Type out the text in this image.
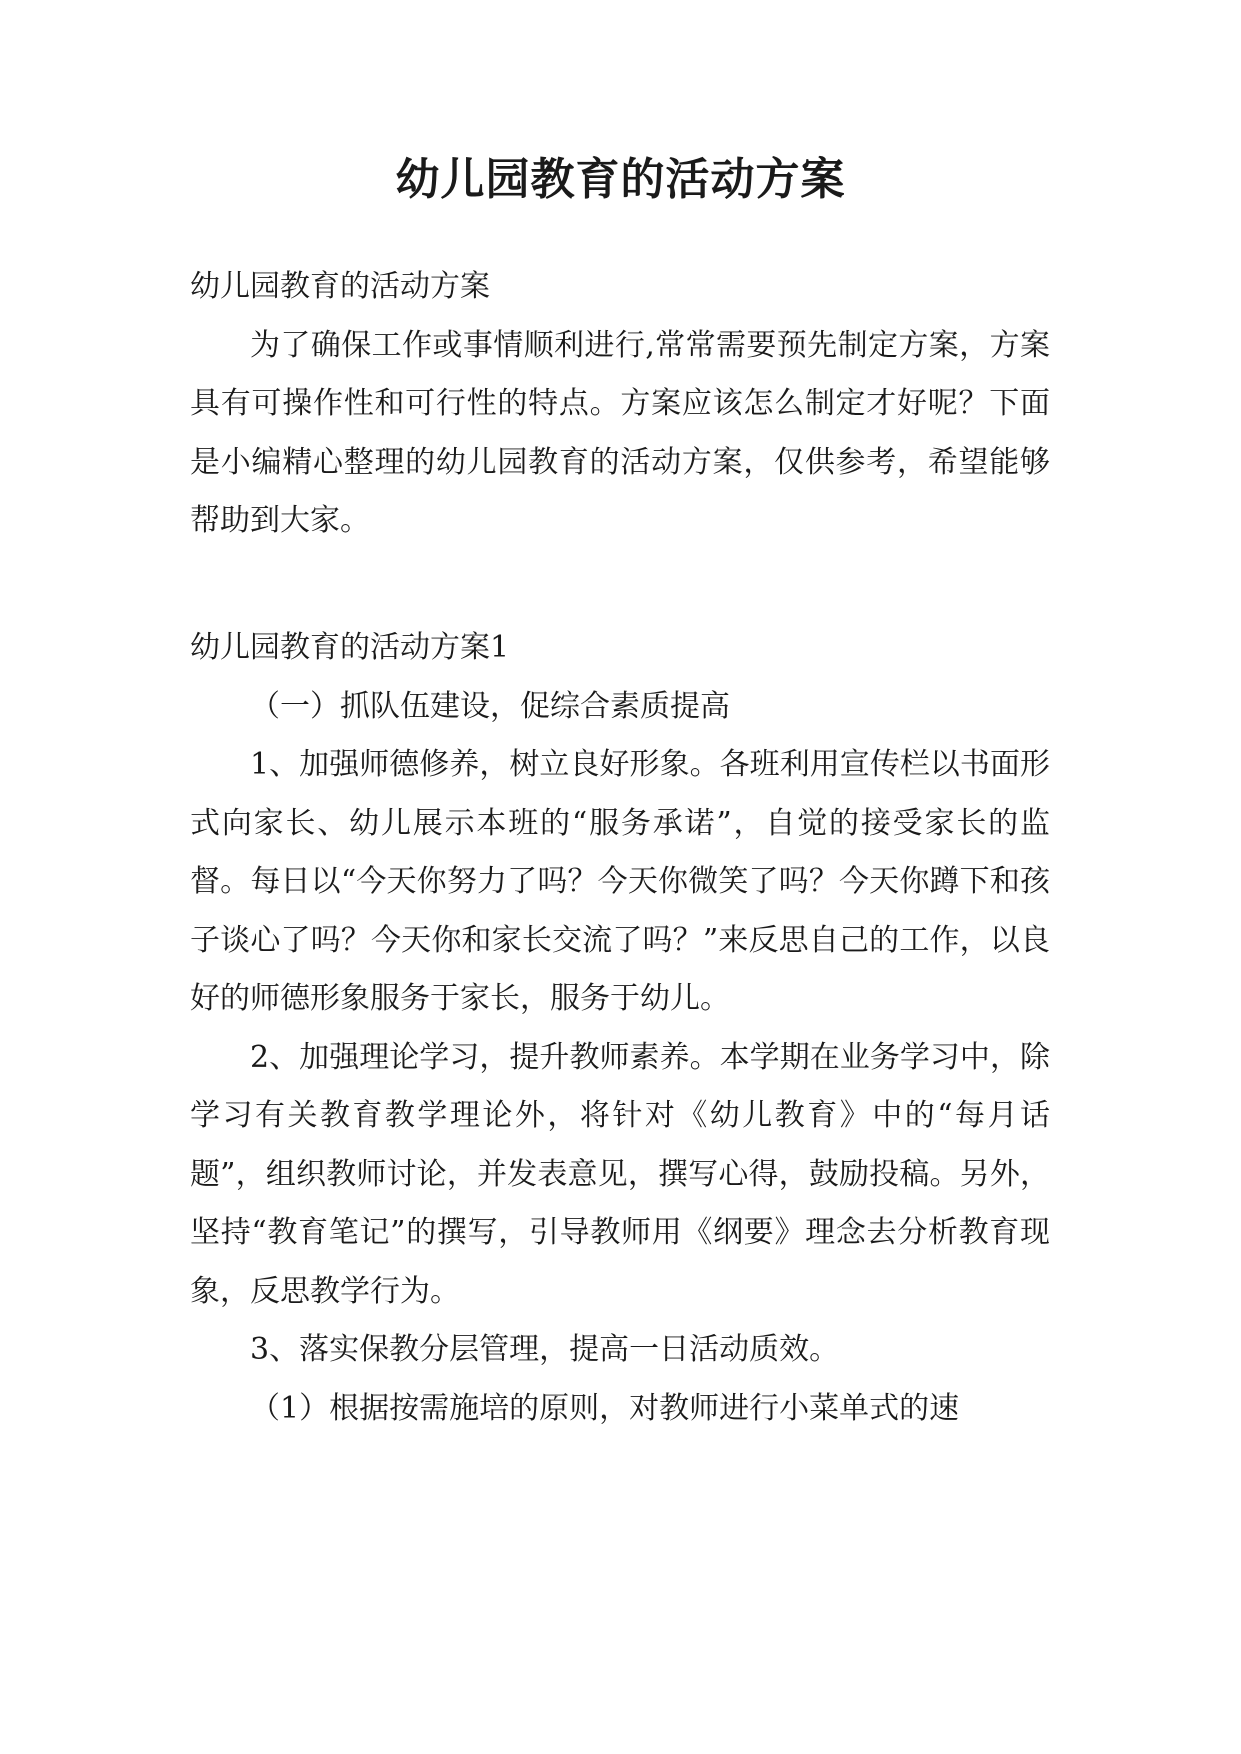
幼儿园教育的活动方案

幼儿园教育的活动方案

为了确保工作或事情顺利进行,常常需要预先制定方案，方案具有可操作性和可行性的特点。方案应该怎么制定才好呢？下面是小编精心整理的幼儿园教育的活动方案，仅供参考，希望能够帮助到大家。

幼儿园教育的活动方案1

（一）抓队伍建设，促综合素质提高

1、加强师德修养，树立良好形象。各班利用宣传栏以书面形式向家长、幼儿展示本班的“服务承诺”，自觉的接受家长的监督。每日以“今天你努力了吗？今天你微笑了吗？今天你蹲下和孩子谈心了吗？今天你和家长交流了吗？”来反思自己的工作，以良好的师德形象服务于家长，服务于幼儿。

2、加强理论学习，提升教师素养。本学期在业务学习中，除学习有关教育教学理论外，将针对《幼儿教育》中的“每月话题”，组织教师讨论，并发表意见，撰写心得，鼓励投稿。另外，坚持“教育笔记”的撰写，引导教师用《纲要》理念去分析教育现象，反思教学行为。

3、落实保教分层管理，提高一日活动质效。

（1）根据按需施培的原则，对教师进行小菜单式的速
